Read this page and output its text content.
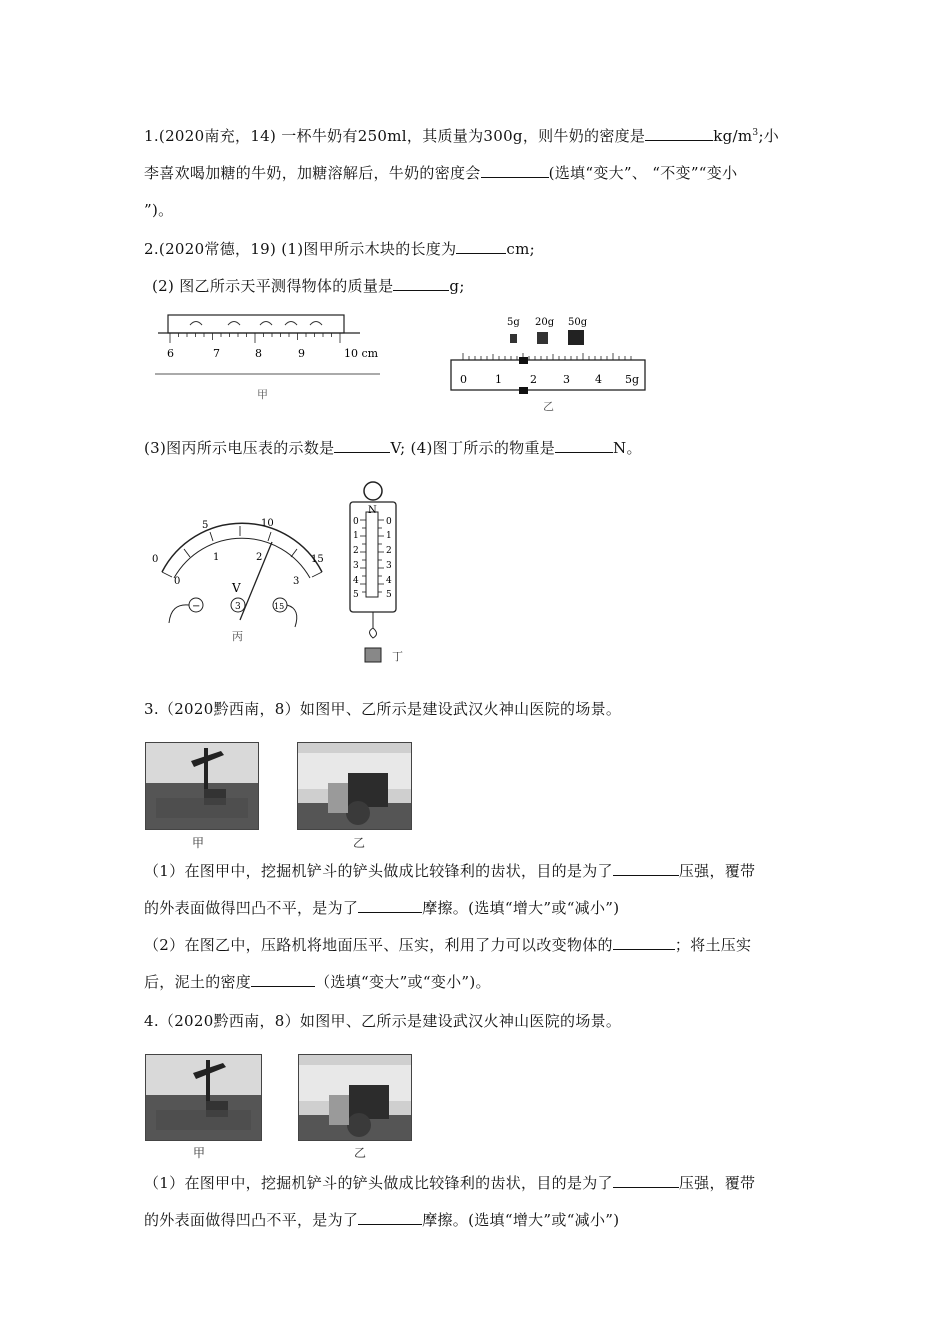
1.(2020南充，14) 一杯牛奶有250ml，其质量为300g，则牛奶的密度是	$kg/m^3$;小
李喜欢喝加糖的牛奶，加糖溶解后，牛奶的密度会	(选填“变大”、 “不变”“变小
”)。
2.(2020常德，19) (1)图甲所示木块的长度为	cm;
(2) 图乙所示天平测得物体的质量是	g;
6	7	8	9	10 cm
甲
5g 20g 50g
0	1	2 3 4 5g
乙
(3)图丙所示电压表的示数是	V; (4)图丁所示的物重是	N。
0
5	10
15
0
1	2
3
V
−	3	15
丙
N
0
1
2
3
4
5
0
1
2
3
4
5
丁
3.（2020黔西南，8）如图甲、乙所示是建设武汉火神山医院的场景。
甲	乙
（1）在图甲中，挖掘机铲斗的铲头做成比较锋利的齿状，目的是为了	压强，覆带
的外表面做得凹凸不平，是为了	摩擦。(选填“增大”或“减小”)
（2）在图乙中，压路机将地面压平、压实，利用了力可以改变物体的	；将土压实
后，泥土的密度	（选填“变大”或“变小”)。
4.（2020黔西南，8）如图甲、乙所示是建设武汉火神山医院的场景。
甲	乙
（1）在图甲中，挖掘机铲斗的铲头做成比较锋利的齿状，目的是为了	压强，覆带
的外表面做得凹凸不平，是为了	摩擦。(选填“增大”或“减小”)
